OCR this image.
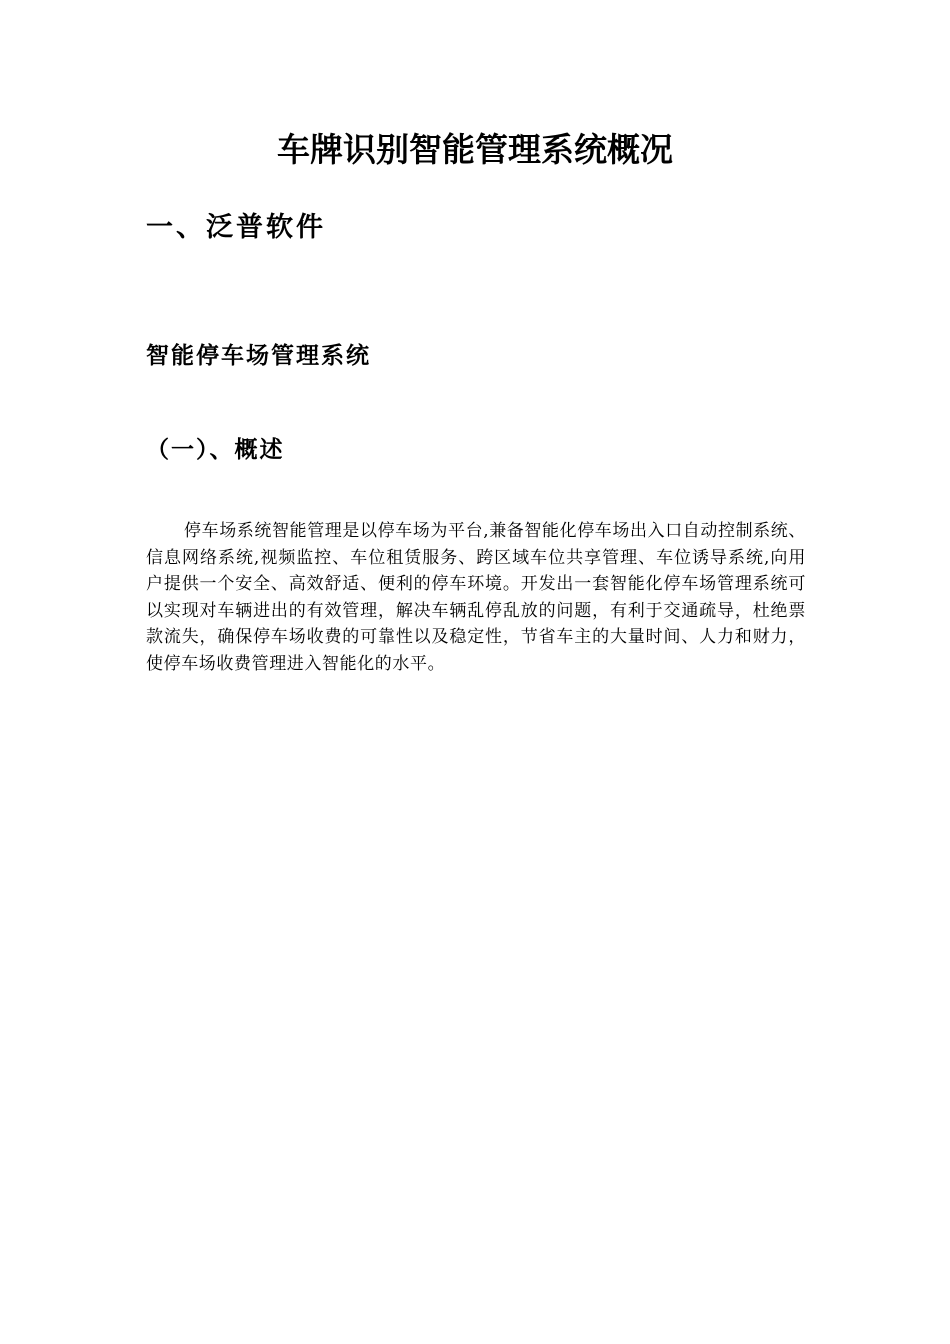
车牌识别智能管理系统概况
一、泛普软件
智能停车场管理系统
（一）、概述

停车场系统智能管理是以停车场为平台,兼备智能化停车场出入口自动控制系统、信息网络系统,视频监控、车位租赁服务、跨区域车位共享管理、车位诱导系统,向用户提供一个安全、高效舒适、便利的停车环境。开发出一套智能化停车场管理系统可以实现对车辆进出的有效管理，解决车辆乱停乱放的问题，有利于交通疏导，杜绝票款流失，确保停车场收费的可靠性以及稳定性，节省车主的大量时间、人力和财力，使停车场收费管理进入智能化的水平。
